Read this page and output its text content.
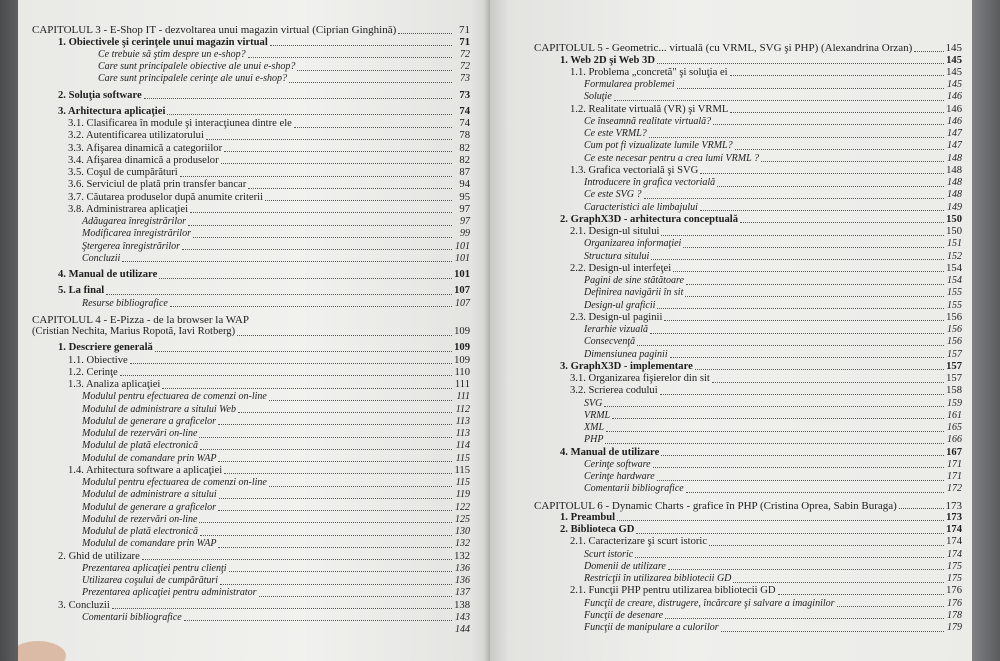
CAPITOLUL 3 - E-Shop IT - dezvoltarea unui magazin virtual (Ciprian Ginghină)	71
1. Obiectivele şi cerinţele unui magazin virtual	71
Ce trebuie să ştim despre un e-shop?	72
Care sunt principalele obiective ale unui e-shop?	72
Care sunt principalele cerinţe ale unui e-shop?	73
2. Soluţia software	73
3. Arhitectura aplicaţiei	74
3.1. Clasificarea în module şi interacţiunea dintre ele	74
3.2. Autentificarea utilizatorului	78
3.3. Afişarea dinamică a categoriilor	82
3.4. Afişarea dinamică a produselor	82
3.5. Coşul de cumpărături	87
3.6. Serviciul de plată prin transfer bancar	94
3.7. Căutarea produselor după anumite criterii	95
3.8. Administrarea aplicaţiei	97
Adăugarea înregistrărilor	97
Modificarea înregistrărilor	99
Ştergerea înregistrărilor	101
Concluzii	101
4. Manual de utilizare	101
5. La final	107
Resurse bibliografice	107
CAPITOLUL 4 - E-Pizza - de la browser la WAP
(Cristian Nechita, Marius Ropotă, Iavi Rotberg)	109
1. Descriere generală	109
1.1. Obiective	109
1.2. Cerinţe	110
1.3. Analiza aplicaţiei	111
Modulul pentru efectuarea de comenzi on-line	111
Modulul de administrare a sitului Web	112
Modulul de generare a graficelor	113
Modulul de rezervări on-line	113
Modulul de plată electronică	114
Modulul de comandare prin WAP	115
1.4. Arhitectura software a aplicaţiei	115
Modulul pentru efectuarea de comenzi on-line	115
Modulul de administrare a sitului	119
Modulul de generare a graficelor	122
Modulul de rezervări on-line	125
Modulul de plată electronică	130
Modulul de comandare prin WAP	132
2. Ghid de utilizare	132
Prezentarea aplicaţiei pentru clienţi	136
Utilizarea coşului de cumpărături	136
Prezentarea aplicaţiei pentru administrator	137
3. Concluzii	138
Comentarii bibliografice	143
144
CAPITOLUL 5 - Geometric... virtuală (cu VRML, SVG şi PHP) (Alexandrina Orzan)	145
1. Web 2D şi Web 3D	145
1.1. Problema „concretă" şi soluţia ei	145
Formularea problemei	145
Soluţie	146
1.2. Realitate virtuală (VR) şi VRML	146
Ce înseamnă realitate virtuală?	146
Ce este VRML?	147
Cum pot fi vizualizate lumile VRML?	147
Ce este necesar pentru a crea lumi VRML ?	148
1.3. Grafica vectorială şi SVG	148
Introducere în grafica vectorială	148
Ce este SVG ?	148
Caracteristici ale limbajului	149
2. GraphX3D - arhitectura conceptuală	150
2.1. Design-ul sitului	150
Organizarea informaţiei	151
Structura sitului	152
2.2. Design-ul interfeţei	154
Pagini de sine stătătoare	154
Definirea navigării în sit	155
Design-ul graficii	155
2.3. Design-ul paginii	156
Ierarhie vizuală	156
Consecvenţă	156
Dimensiunea paginii	157
3. GraphX3D - implementare	157
3.1. Organizarea fişierelor din sit	157
3.2. Scrierea codului	158
SVG	159
VRML	161
XML	165
PHP	166
4. Manual de utilizare	167
Cerinţe software	171
Cerinţe hardware	171
Comentarii bibliografice	172
CAPITOLUL 6 - Dynamic Charts - grafice în PHP (Cristina Oprea, Sabin Buraga)	173
1. Preambul	173
2. Biblioteca GD	174
2.1. Caracterizare şi scurt istoric	174
Scurt istoric	174
Domenii de utilizare	175
Restricţii în utilizarea bibliotecii GD	175
2.1. Funcţii PHP pentru utilizarea bibliotecii GD	176
Funcţii de creare, distrugere, încărcare şi salvare a imaginilor	176
Funcţii de desenare	178
Funcţii de manipulare a culorilor	179
